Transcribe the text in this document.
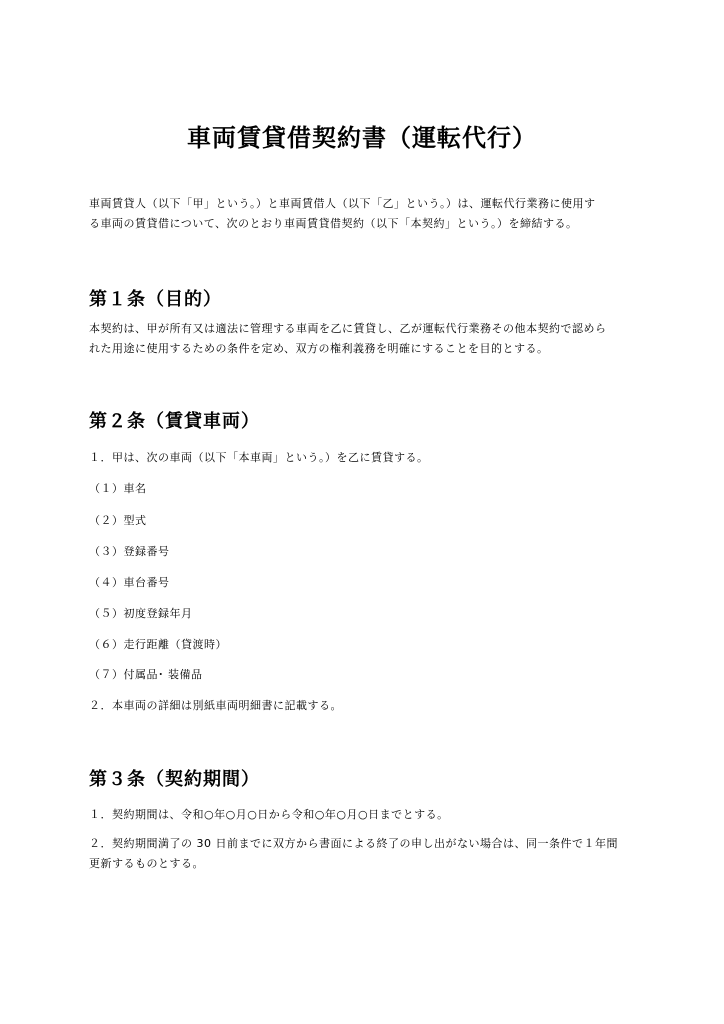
車両賃貸借契約書（運転代行）
車両賃貸人（以下「甲」という。）と車両賃借人（以下「乙」という。）は、運転代行業務に使用す
る車両の賃貸借について、次のとおり車両賃貸借契約（以下「本契約」という。）を締結する。
第１条（目的）
本契約は、甲が所有又は適法に管理する車両を乙に賃貸し、乙が運転代行業務その他本契約で認めら
れた用途に使用するための条件を定め、双方の権利義務を明確にすることを目的とする。
第２条（賃貸車両）
１．甲は、次の車両（以下「本車両」という。）を乙に賃貸する。
（１）車名
（２）型式
（３）登録番号
（４）車台番号
（５）初度登録年月
（６）走行距離（貸渡時）
（７）付属品･ 装備品
２．本車両の詳細は別紙車両明細書に記載する。
第３条（契約期間）
１．契約期間は、令和○年○月○日から令和○年○月○日までとする。
２．契約期間満了の 30 日前までに双方から書面による終了の申し出がない場合は、同一条件で１年間
更新するものとする。
